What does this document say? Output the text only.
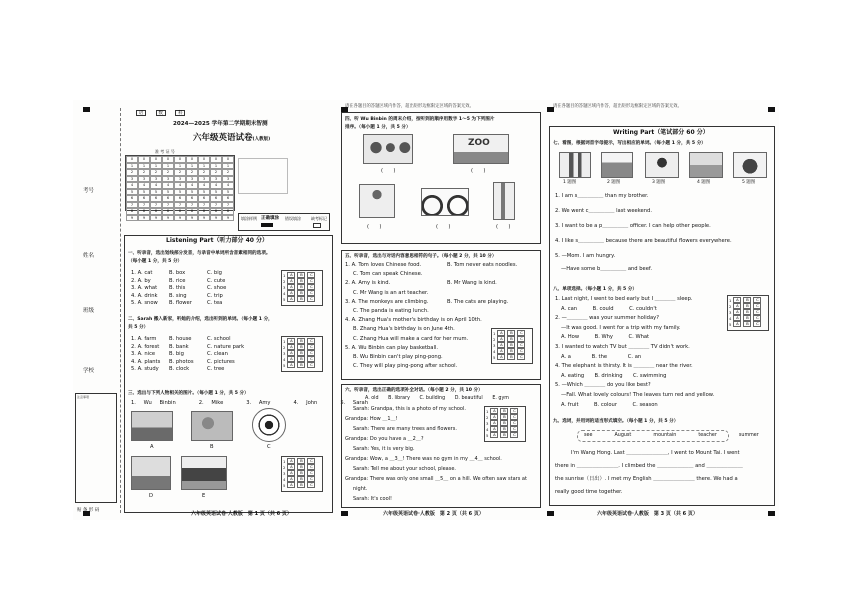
考号
姓名
班级
学校
注意事项
贴 条 形 码
语	数	科
2024—2025 学年第二学期期末智测
六年级英语试卷(人教版)
准 考 证 号
0	0	0	0	0	0	0	0	0
1	1	1	1	1	1	1	1	1
2	2	2	2	2	2	2	2	2
3	3	3	3	3	3	3	3	3
4	4	4	4	4	4	4	4	4
5	5	5	5	5	5	5	5	5
6	6	6	6	6	6	6	6	6
7	7	7	7	7	7	7	7	7
8	8	8	8	8	8	8	8	8
9	9	9	9	9	9	9	9	9	填涂样例 正确填涂 错误填涂	缺考标记
Listening Part（听力部分 40 分）
一、听录音，选出划线部分发音，与录音中单词所含音素相同的选项。
（每小题 1 分，共 5 分）
1	A	B	C
2	A	B	C
3	A	B	C
4	A	B	C
5	A	B	C
二、Sarah 搬入新家，听她的介绍，选出听到的单词。（每小题 1 分，
共 5 分）
1	A	B	C
2	A	B	C
3	A	B	C
4	A	B	C
5	A	B	C
三、选出与下列人物相关的图片。（每小题 1 分，共 5 分）
1. Wu Binbin	2. Mike	3. Amy	4. John	5. Sarah
A	B	C
D	E
1	A	B	C
2	A	B	C
3	A	B	C
4	A	B	C
5	A	B	C
六年级英语试卷·人教版　第 1 页（共 6 页）
1. A. cat	B. box	C. big
2. A. by	B. rice	C. cute
3. A. what B. this	C. shoe
4. A. drink B. sing	C. trip
5. A. snow B. flower	C. tea
1. A. farm B. house	C. school
2. A. forest B. bank	C. nature park
3. A. nice	B. big	C. clean
4. A. plants B. photos	C. pictures
5. A. study B. clock	C. tree
请在各题目的答题区域内作答，超出矩形边框限定区域的答案无效。
四、听 Wu Binbin 的周末介绍，按听到的顺序用数字 1～5 为下列图片
排序。（每小题 1 分，共 5 分）
ZOO
(　　)	(　　)
(　　)	(　　)	(　　)
五、听录音，选出与对话内容意思相符的句子。（每小题 2 分，共 10 分）
1	A	B	C
2	A	B	C
3	A	B	C
4	A	B	C
5	A	B	C
六、听录音，选出正确的选项补全对话。（每小题 2 分，共 10 分）
A. old　　B. library　　C. building　　D. beautiful　　E. gym
1	A	B	C
2	A	B	C
3	A	B	C
4	A	B	C
5	A	B	C
六年级英语试卷·人教版　第 2 页（共 6 页）
1. A. Tom loves Chinese food.	B. Tom never eats noodles.
C. Tom can speak Chinese.
2. A. Amy is kind.	B. Mr Wang is kind.
C. Mr Wang is an art teacher.
3. A. The monkeys are climbing.	B. The cats are playing.
C. The panda is eating lunch.
4. A. Zhang Hua's mother's birthday is on April 10th.
B. Zhang Hua's birthday is on June 4th.
C. Zhang Hua will make a card for her mum.
5. A. Wu Binbin can play basketball.
B. Wu Binbin can't play ping-pong.
C. They will play ping-pong after school.
Sarah: Grandpa, this is a photo of my school.
Grandpa: How ＿1＿!
Sarah: There are many trees and flowers.
Grandpa: Do you have a ＿2＿?
Sarah: Yes, it is very big.
Grandpa: Wow, a ＿3＿! There was no gym in my ＿4＿ school.
Sarah: Tell me about your school, please.
Grandpa: There was only one small ＿5＿ on a hill. We often saw stars at
night.
Sarah: It's cool!
请在各题目的答题区域内作答，超出矩形边框限定区域的答案无效。
Writing Part（笔试部分 60 分）
七、看图，根据词首字母提示，写出相应的单词。（每小题 1 分，共 5 分）
1 题图	2 题图	3 题图	4 题图	5 题图
八、单项选择。（每小题 1 分，共 5 分）
1	A	B	C
2	A	B	C
3	A	B	C
4	A	B	C
5	A	B	C
九、选词，并用词的适当形式填空。（每小题 1 分，共 5 分）
see	August	mountain	teacher	summer
六年级英语试卷·人教版　第 3 页（共 6 页）
1. I am s＿＿＿＿＿ than my brother.
2. We went c＿＿＿＿＿ last weekend.
3. I want to be a p＿＿＿＿＿ officer. I can help other people.
4. I like s＿＿＿＿＿ because there are beautiful flowers everywhere.
5. —Mom. I am hungry.
—Have some b＿＿＿＿＿ and beef.
1. Last night, I went to bed early but I ＿＿＿＿ sleep.
A. can　　　B. could　　　C. couldn't
2. —＿＿＿＿ was your summer holiday?
—It was good. I went for a trip with my family.
A. How　　　B. Why　　　C. What
3. I wanted to watch TV but ＿＿＿＿ TV didn't work.
A. a　　　　B. the　　　　C. an
4. The elephant is thirsty. It is ＿＿＿＿ near the river.
A. eating　　B. drinking　　C. swimming
5. —Which ＿＿＿＿ do you like best?
—Fall. What lovely colours! The leaves turn red and yellow.
A. fruit　　　B. colour　　　C. season
I'm Wang Hong. Last ＿＿＿＿＿＿＿＿, I went to Mount Tai. I went
there in ＿＿＿＿＿＿＿＿. I climbed the ＿＿＿＿＿＿＿ and ＿＿＿＿＿＿＿
the sunrise（日出）. I met my English ＿＿＿＿＿＿＿＿ there. We had a
really good time together.
